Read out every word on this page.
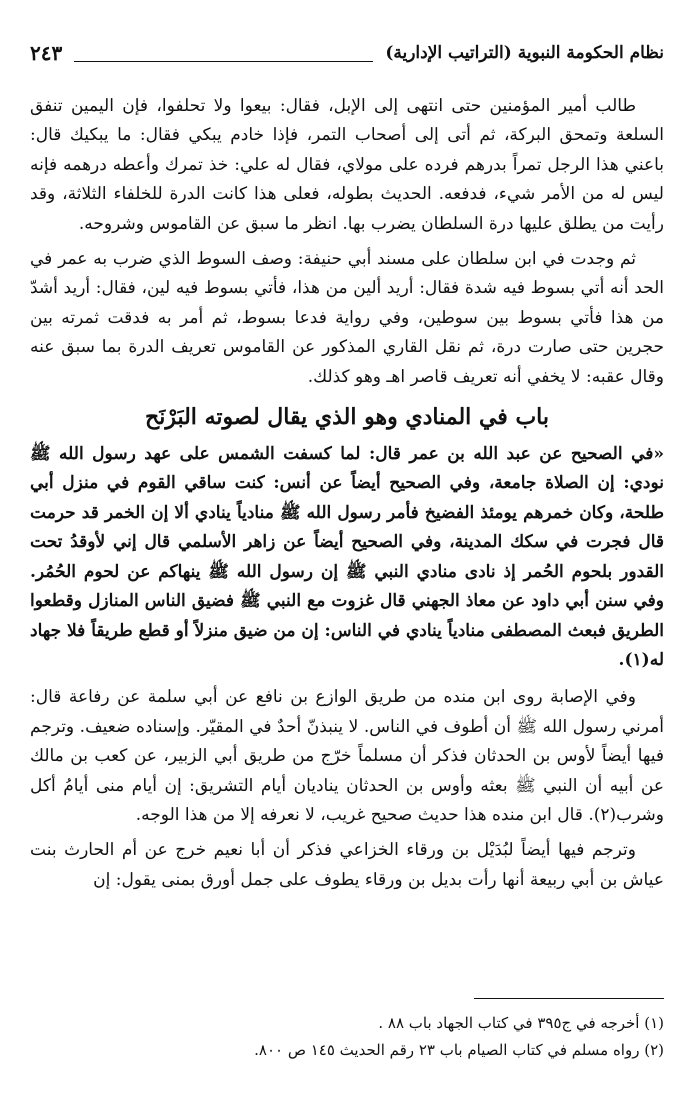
نظام الحكومة النبوية (التراتيب الإدارية)
٢٤٣

طالب أمير المؤمنين حتى انتهى إلى الإبل، فقال: بيعوا ولا تحلفوا، فإن اليمين تنفق السلعة وتمحق البركة، ثم أتى إلى أصحاب التمر، فإذا خادم يبكي فقال: ما يبكيك قال: باعني هذا الرجل تمراً بدرهم فرده على مولاي، فقال له علي: خذ تمرك وأعطه درهمه فإنه ليس له من الأمر شيء، فدفعه. الحديث بطوله، فعلى هذا كانت الدرة للخلفاء الثلاثة، وقد رأيت من يطلق عليها درة السلطان يضرب بها. انظر ما سبق عن القاموس وشروحه.

ثم وجدت في ابن سلطان على مسند أبي حنيفة: وصف السوط الذي ضرب به عمر في الحد أنه أتي بسوط فيه شدة فقال: أريد ألين من هذا، فأتي بسوط فيه لين، فقال: أريد أشدّ من هذا فأتي بسوط بين سوطين، وفي رواية فدعا بسوط، ثم أمر به فدقت ثمرته بين حجرين حتى صارت درة، ثم نقل القاري المذكور عن القاموس تعريف الدرة بما سبق عنه وقال عقبه: لا يخفي أنه تعريف قاصر اهـ وهو كذلك.

باب في المنادي وهو الذي يقال لصوته البَرْنَح

«في الصحيح عن عبد الله بن عمر قال: لما كسفت الشمس على عهد رسول الله ﷺ نودي: إن الصلاة جامعة، وفي الصحيح أيضاً عن أنس: كنت ساقي القوم في منزل أبي طلحة، وكان خمرهم يومئذ الفضيخ فأمر رسول الله ﷺ منادياً ينادي ألا إن الخمر قد حرمت قال فجرت في سكك المدينة، وفي الصحيح أيضاً عن زاهر الأسلمي قال إني لأوقدُ تحت القدور بلحوم الحُمر إذ نادى منادي النبي ﷺ إن رسول الله ﷺ ينهاكم عن لحوم الحُمُر. وفي سنن أبي داود عن معاذ الجهني قال غزوت مع النبي ﷺ فضيق الناس المنازل وقطعوا الطريق فبعث المصطفى منادياً ينادي في الناس: إن من ضيق منزلاً أو قطع طريقاً فلا جهاد له(١).

وفي الإصابة روى ابن منده من طريق الوازع بن نافع عن أبي سلمة عن رفاعة قال: أمرني رسول الله ﷺ أن أطوف في الناس. لا ينبذنّ أحدٌ في المقيّر. وإسناده ضعيف. وترجم فيها أيضاً لأوس بن الحدثان فذكر أن مسلماً خرّج من طريق أبي الزبير، عن كعب بن مالك عن أبيه أن النبي ﷺ بعثه وأوس بن الحدثان يناديان أيام التشريق: إن أيام منى أيامُ أكل وشرب(٢). قال ابن منده هذا حديث صحيح غريب، لا نعرفه إلا من هذا الوجه.

وترجم فيها أيضاً لبُدَيْل بن ورقاء الخزاعي فذكر أن أبا نعيم خرج عن أم الحارث بنت عياش بن أبي ربيعة أنها رأت بديل بن ورقاء يطوف على جمل أورق بمنى يقول: إن

(١) أخرجه في ج٣٩٥ في كتاب الجهاد باب ٨٨ .

(٢) رواه مسلم في كتاب الصيام باب ٢٣ رقم الحديث ١٤٥ ص ٨٠٠.
